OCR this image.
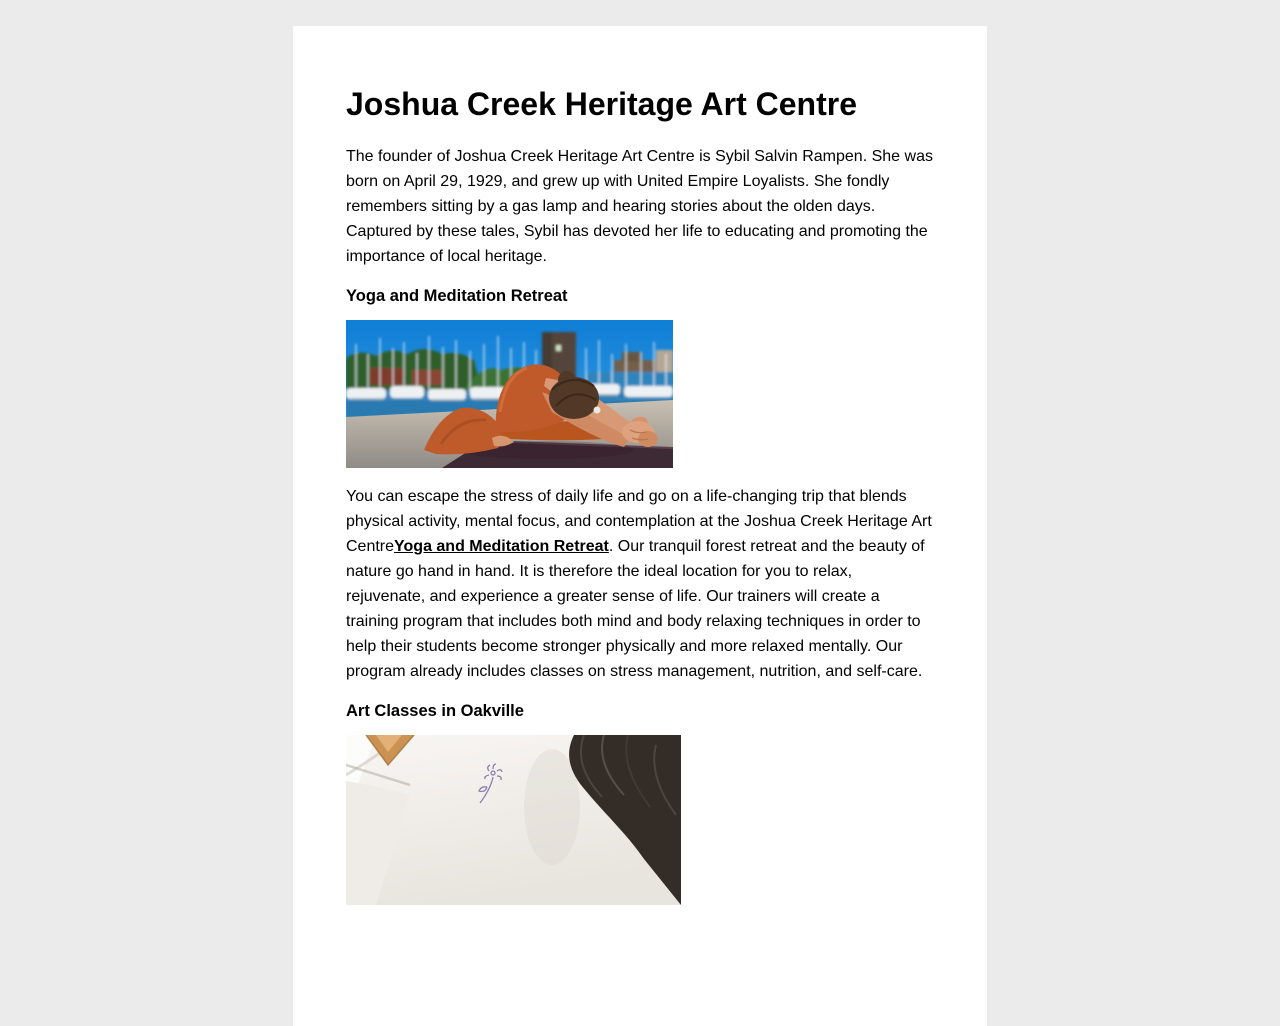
Joshua Creek Heritage Art Centre

The founder of Joshua Creek Heritage Art Centre is Sybil Salvin Rampen. She was born on April 29, 1929, and grew up with United Empire Loyalists. She fondly remembers sitting by a gas lamp and hearing stories about the olden days. Captured by these tales, Sybil has devoted her life to educating and promoting the importance of local heritage.

Yoga and Meditation Retreat

You can escape the stress of daily life and go on a life-changing trip that blends physical activity, mental focus, and contemplation at the Joshua Creek Heritage Art CentreYoga and Meditation Retreat. Our tranquil forest retreat and the beauty of nature go hand in hand. It is therefore the ideal location for you to relax, rejuvenate, and experience a greater sense of life. Our trainers will create a training program that includes both mind and body relaxing techniques in order to help their students become stronger physically and more relaxed mentally. Our program already includes classes on stress management, nutrition, and self-care.

Art Classes in Oakville
